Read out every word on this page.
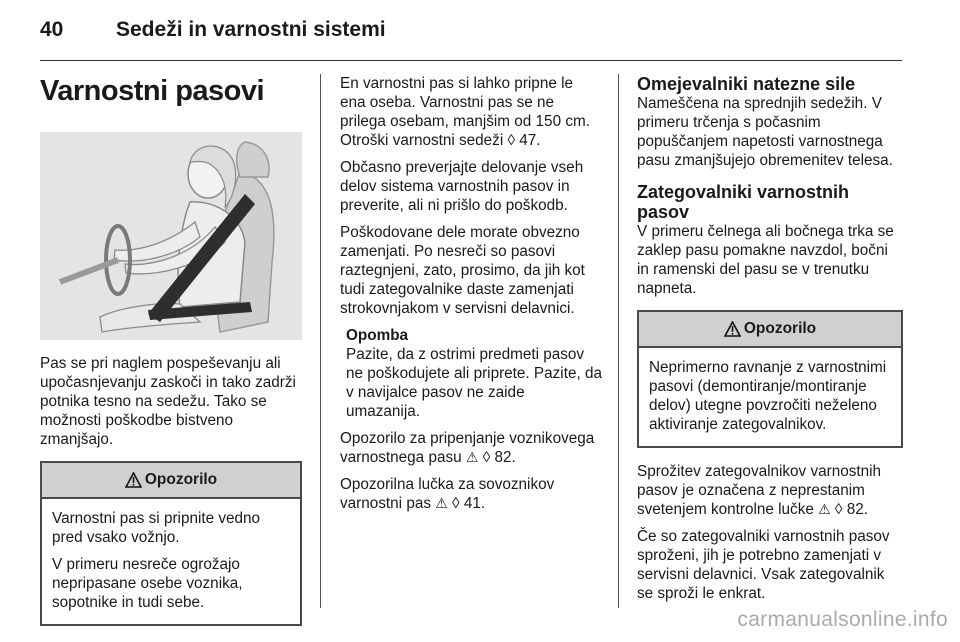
40	Sedeži in varnostni sistemi
Varnostni pasovi

Pas se pri naglem pospeševanju ali upočasnjevanju zaskoči in tako zadrži potnika tesno na sedežu. Tako se možnosti poškodbe bistveno zmanjšajo.

Opozorilo

Varnostni pas si pripnite vedno pred vsako vožnjo.

V primeru nesreče ogrožajo nepripasane osebe voznika, sopotnike in tudi sebe.

En varnostni pas si lahko pripne le ena oseba. Varnostni pas se ne prilega osebam, manjšim od 150 cm. Otroški varnostni sedeži ◊ 47.

Občasno preverjajte delovanje vseh delov sistema varnostnih pasov in preverite, ali ni prišlo do poškodb.

Poškodovane dele morate obvezno zamenjati. Po nesreči so pasovi raztegnjeni, zato, prosimo, da jih kot tudi zategovalnike daste zamenjati strokovnjakom v servisni delavnici.

Opomba

Pazite, da z ostrimi predmeti pasov ne poškodujete ali priprete. Pazite, da v navijalce pasov ne zaide umazanija.

Opozorilo za pripenjanje voznikovega varnostnega pasu ⚠ ◊ 82.

Opozorilna lučka za sovoznikov varnostni pas ⚠ ◊ 41.

Omejevalniki natezne sile

Nameščena na sprednjih sedežih. V primeru trčenja s počasnim popuščanjem napetosti varnostnega pasu zmanjšujejo obremenitev telesa.

Zategovalniki varnostnih pasov

V primeru čelnega ali bočnega trka se zaklep pasu pomakne navzdol, bočni in ramenski del pasu se v trenutku napneta.

Opozorilo

Neprimerno ravnanje z varnostnimi pasovi (demontiranje/montiranje delov) utegne povzročiti neželeno aktiviranje zategovalnikov.

Sprožitev zategovalnikov varnostnih pasov je označena z neprestanim svetenjem kontrolne lučke ⚠ ◊ 82.

Če so zategovalniki varnostnih pasov sproženi, jih je potrebno zamenjati v servisni delavnici. Vsak zategovalnik se sproži le enkrat.

carmanualsonline.info
